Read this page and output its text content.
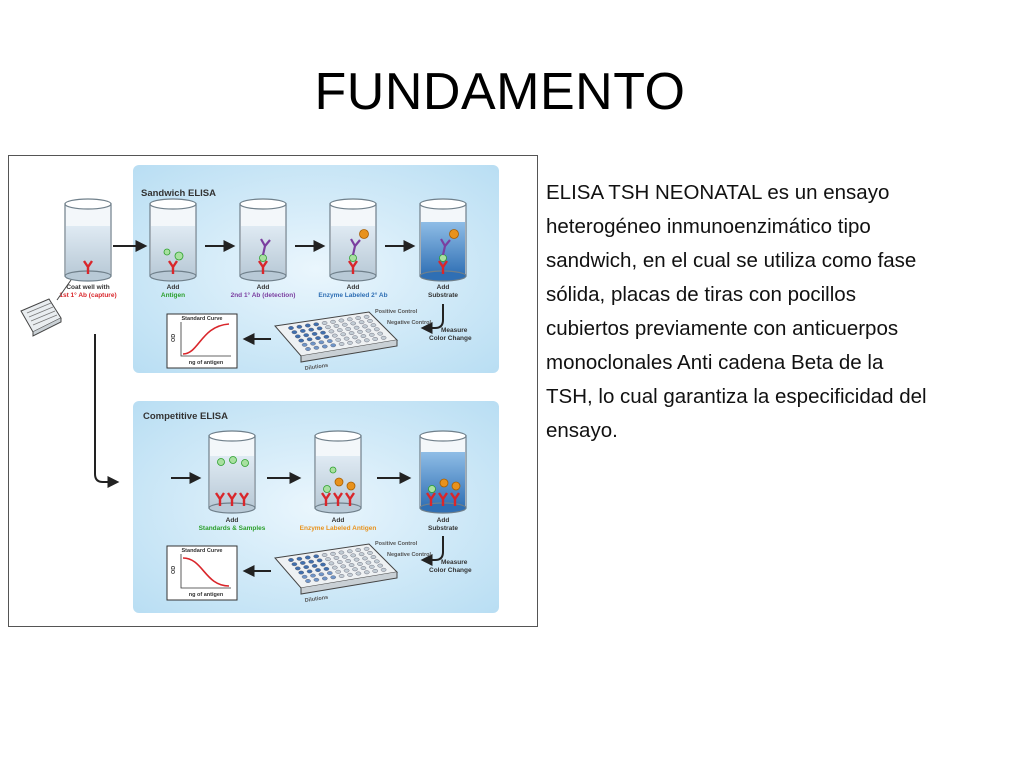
FUNDAMENTO
Sandwich ELISA
Competitive ELISA
Coat well with
1st 1° Ab (capture)
Add
Antigen
Add
2nd 1° Ab (detection)
Add
Enzyme Labeled 2° Ab
Add
Substrate
Measure
Color Change
Positive Control
Negative Control
Dilutions
Standard Curve
OD
ng of antigen
Add
Standards & Samples
Add
Enzyme Labeled Antigen
Add
Substrate
Measure
Color Change
Positive Control
Negative Control
Dilutions
Standard Curve
OD
ng of antigen
ELISA TSH NEONATAL es un ensayo
heterogéneo inmunoenzimático tipo
sandwich, en el cual se utiliza como fase
sólida, placas de tiras con pocillos
cubiertos previamente con anticuerpos
monoclonales Anti cadena Beta de la
TSH, lo cual garantiza la especificidad del
ensayo.
